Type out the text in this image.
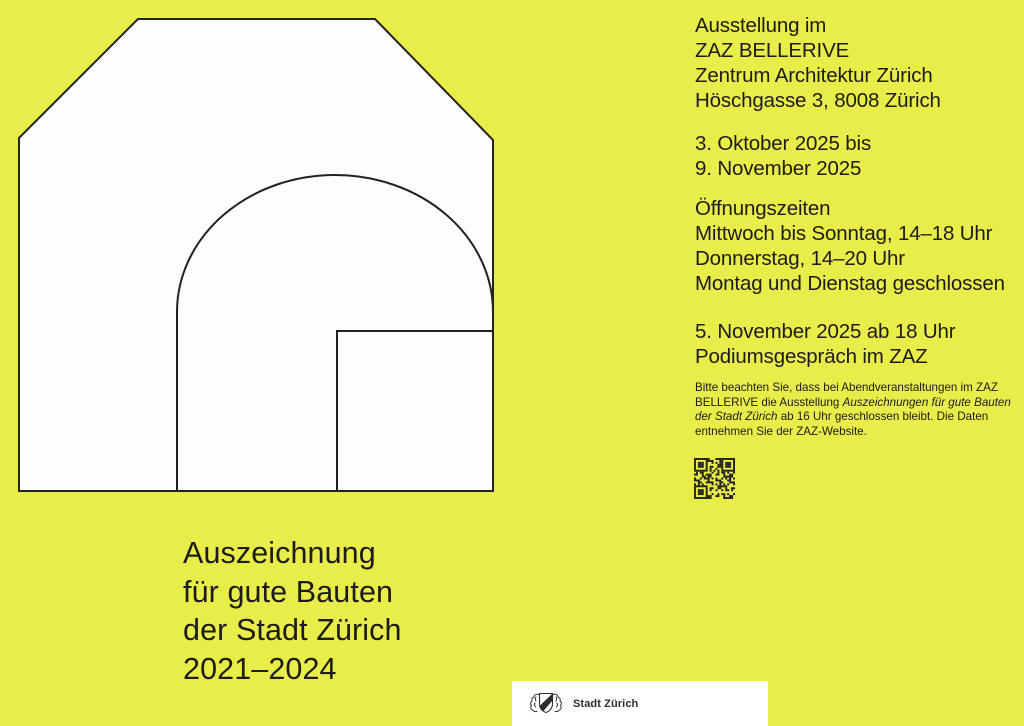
Ausstellung im
ZAZ BELLERIVE
Zentrum Architektur Zürich
Höschgasse 3, 8008 Zürich
3. Oktober 2025 bis
9. November 2025
Öffnungszeiten
Mittwoch bis Sonntag, 14–18 Uhr
Donnerstag, 14–20 Uhr
Montag und Dienstag geschlossen
5. November 2025 ab 18 Uhr
Podiumsgespräch im ZAZ

Bitte beachten Sie, dass bei Abendveranstaltungen im ZAZ BELLERIVE die Ausstellung Auszeichnungen für gute Bauten der Stadt Zürich ab 16 Uhr geschlossen bleibt. Die Daten entnehmen Sie der ZAZ-Website.

Auszeichnung
für gute Bauten
der Stadt Zürich
2021–2024
Stadt Zürich
